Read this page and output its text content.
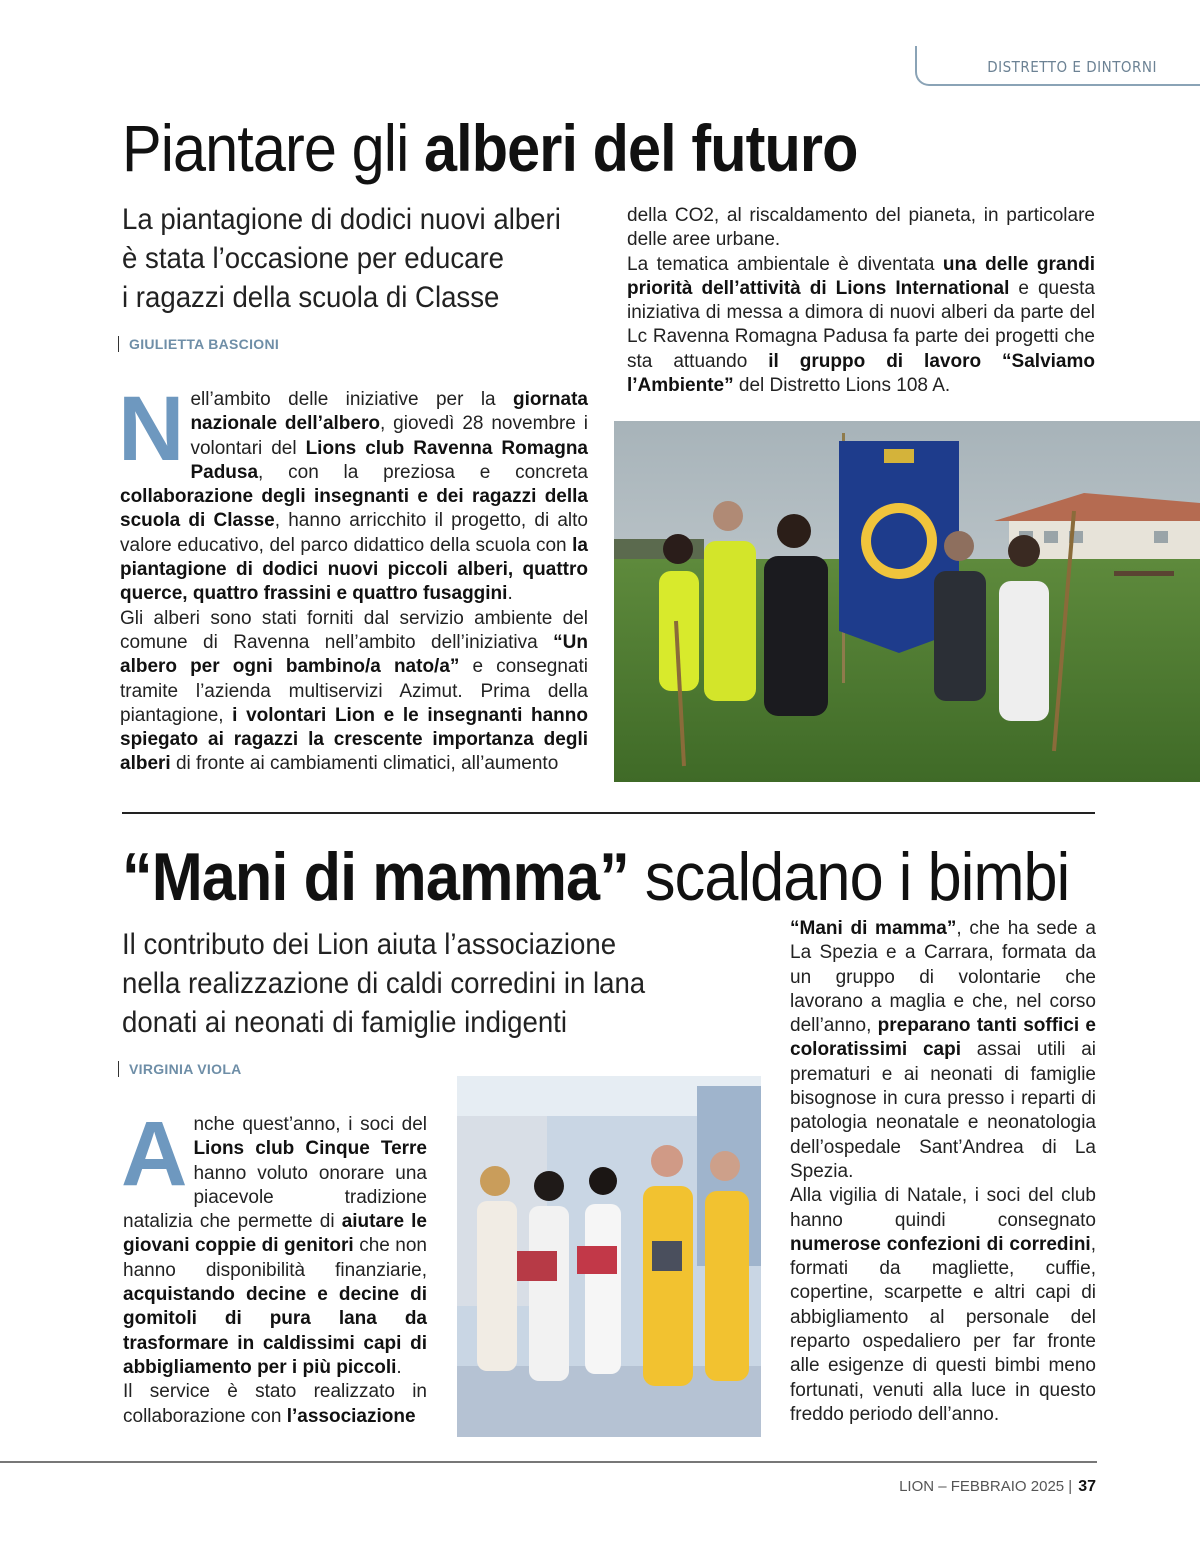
DISTRETTO E DINTORNI
Piantare gli alberi del futuro
La piantagione di dodici nuovi alberi
è stata l’occasione per educare
i ragazzi della scuola di Classe
GIULIETTA BASCIONI

Nell’ambito delle iniziative per la giornata nazionale dell’albero, giovedì 28 novembre i volontari del Lions club Ravenna Romagna Padusa, con la preziosa e concreta collaborazione degli insegnanti e dei ragazzi della scuola di Classe, hanno arricchito il progetto, di alto valore educativo, del parco didattico della scuola con la piantagione di dodici nuovi piccoli alberi, quattro querce, quattro frassini e quattro fusaggini.

Gli alberi sono stati forniti dal servizio ambiente del comune di Ravenna nell’ambito dell’iniziativa “Un albero per ogni bambino/a nato/a” e consegnati tramite l’azienda multiservizi Azimut. Prima della piantagione, i volontari Lion e le insegnanti hanno spiegato ai ragazzi la crescente importanza degli alberi di fronte ai cambiamenti climatici, all’aumento

della CO2, al riscaldamento del pianeta, in particolare delle aree urbane.

La tematica ambientale è diventata una delle grandi priorità dell’attività di Lions International e questa iniziativa di messa a dimora di nuovi alberi da parte del Lc Ravenna Romagna Padusa fa parte dei progetti che sta attuando il gruppo di lavoro “Salviamo l’Ambiente” del Distretto Lions 108 A.

“Mani di mamma” scaldano i bimbi
Il contributo dei Lion aiuta l’associazione
nella realizzazione di caldi corredini in lana
donati ai neonati di famiglie indigenti
VIRGINIA VIOLA

Anche quest’anno, i soci del Lions club Cinque Terre hanno voluto onorare una piacevole tradizione natalizia che permette di aiutare le giovani coppie di genitori che non hanno disponibilità finanziarie, acquistando decine e decine di gomitoli di pura lana da trasformare in caldissimi capi di abbigliamento per i più piccoli.

Il service è stato realizzato in collaborazione con l’associazione

“Mani di mamma”, che ha sede a La Spezia e a Carrara, formata da un gruppo di volontarie che lavorano a maglia e che, nel corso dell’anno, preparano tanti soffici e coloratissimi capi assai utili ai prematuri e ai neonati di famiglie bisognose in cura presso i reparti di patologia neonatale e neonatologia dell’ospedale Sant’Andrea di La Spezia.

Alla vigilia di Natale, i soci del club hanno quindi consegnato numerose confezioni di corredini, formati da magliette, cuffie, copertine, scarpette e altri capi di abbigliamento al personale del reparto ospedaliero per far fronte alle esigenze di questi bimbi meno fortunati, venuti alla luce in questo freddo periodo dell’anno.

LION – FEBBRAIO 2025 | 37
